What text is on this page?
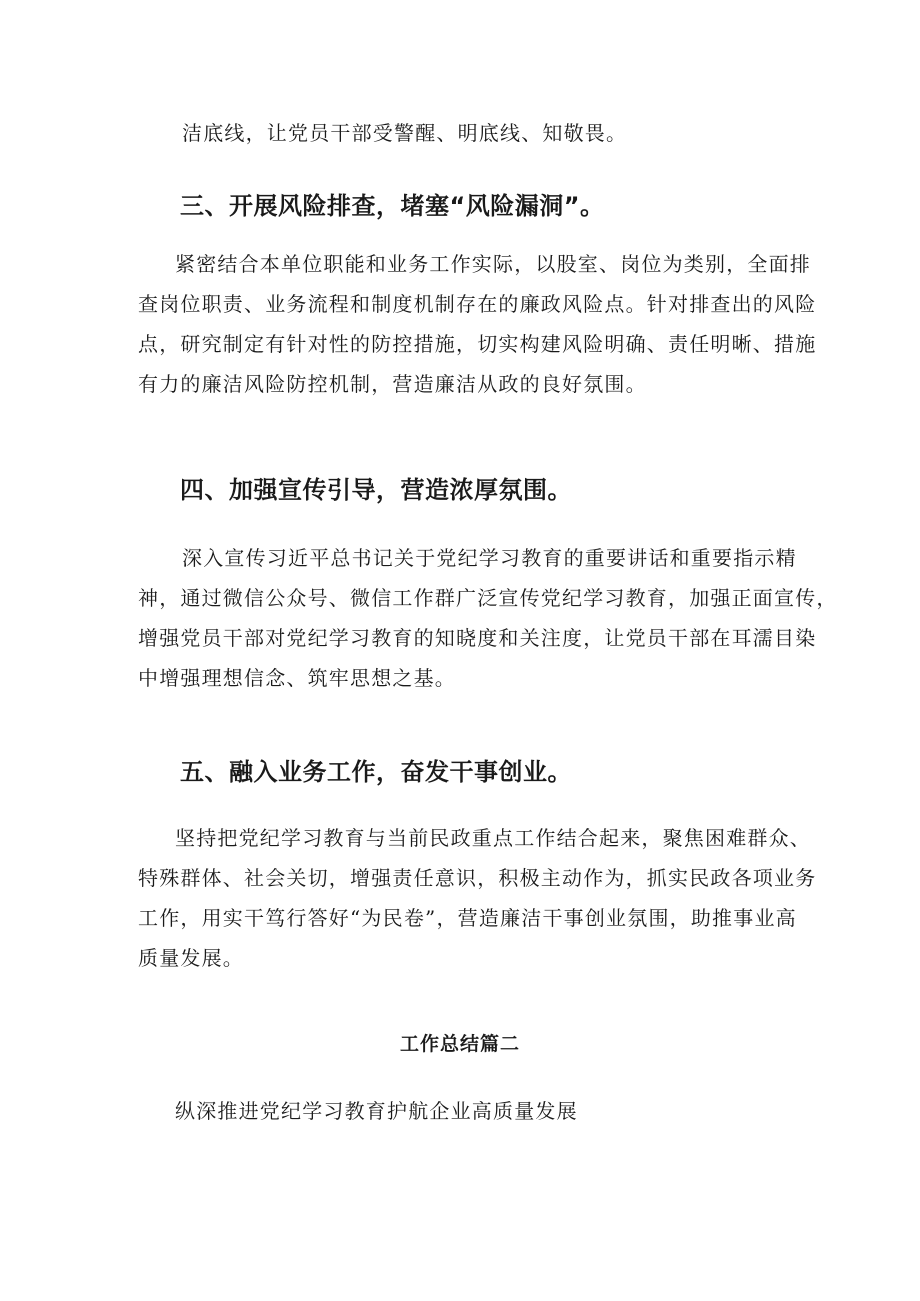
洁底线，让党员干部受警醒、明底线、知敬畏。

三、开展风险排查，堵塞“风险漏洞”。
紧密结合本单位职能和业务工作实际，以股室、岗位为类别，全面排
查岗位职责、业务流程和制度机制存在的廉政风险点。针对排查出的风险
点，研究制定有针对性的防控措施，切实构建风险明确、责任明晰、措施
有力的廉洁风险防控机制，营造廉洁从政的良好氛围。
四、加强宣传引导，营造浓厚氛围。
深入宣传习近平总书记关于党纪学习教育的重要讲话和重要指示精
神，通过微信公众号、微信工作群广泛宣传党纪学习教育，加强正面宣传，
增强党员干部对党纪学习教育的知晓度和关注度，让党员干部在耳濡目染
中增强理想信念、筑牢思想之基。
五、融入业务工作，奋发干事创业。
坚持把党纪学习教育与当前民政重点工作结合起来，聚焦困难群众、
特殊群体、社会关切，增强责任意识，积极主动作为，抓实民政各项业务
工作，用实干笃行答好“为民卷”，营造廉洁干事创业氛围，助推事业高
质量发展。
工作总结篇二

纵深推进党纪学习教育护航企业高质量发展
